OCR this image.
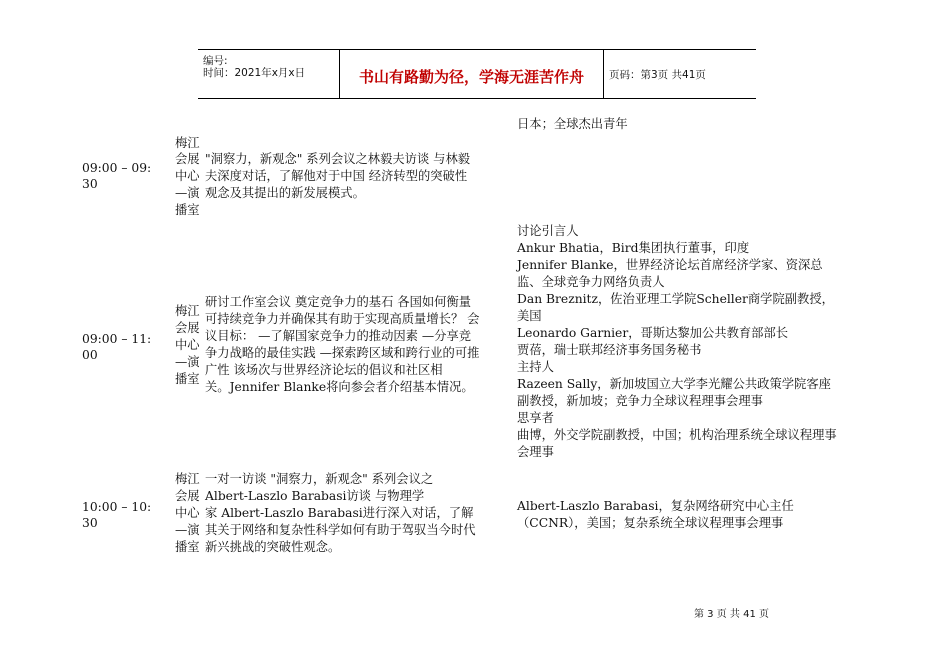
编号:
时间：2021年x月x日	书山有路勤为径，学海无涯苦作舟	页码：第3页 共41页
09:00 – 09:
30
梅江
会展
中心
—演
播室
"洞察力，新观念" 系列会议之林毅夫访谈 与林毅
夫深度对话，了解他对于中国 经济转型的突破性
观念及其提出的新发展模式。
日本；全球杰出青年
09:00 – 11:
00
梅江
会展
中心
—演
播室
研讨工作室会议 奠定竞争力的基石 各国如何衡量
可持续竞争力并确保其有助于实现高质量增长？ 会
议目标： —了解国家竞争力的推动因素 —分享竞
争力战略的最佳实践 —探索跨区域和跨行业的可推
广性 该场次与世界经济论坛的倡议和社区相
关。Jennifer Blanke将向参会者介绍基本情况。
讨论引言人
Ankur Bhatia，Bird集团执行董事，印度
Jennifer Blanke，世界经济论坛首席经济学家、资深总
监、全球竞争力网络负责人
Dan Breznitz，佐治亚理工学院Scheller商学院副教授，
美国
Leonardo Garnier，哥斯达黎加公共教育部部长
贾蓓，瑞士联邦经济事务国务秘书
主持人
Razeen Sally，新加坡国立大学李光耀公共政策学院客座
副教授，新加坡；竞争力全球议程理事会理事
思享者
曲博，外交学院副教授，中国；机构治理系统全球议程理事
会理事
10:00 – 10:
30
梅江
会展
中心
—演
播室
一对一访谈 "洞察力，新观念" 系列会议之
Albert-Laszlo Barabasi访谈 与物理学
家 Albert-Laszlo Barabasi进行深入对话，了解
其关于网络和复杂性科学如何有助于驾驭当今时代
新兴挑战的突破性观念。
Albert-Laszlo Barabasi，复杂网络研究中心主任
（CCNR），美国；复杂系统全球议程理事会理事
第 3 页 共 41 页
